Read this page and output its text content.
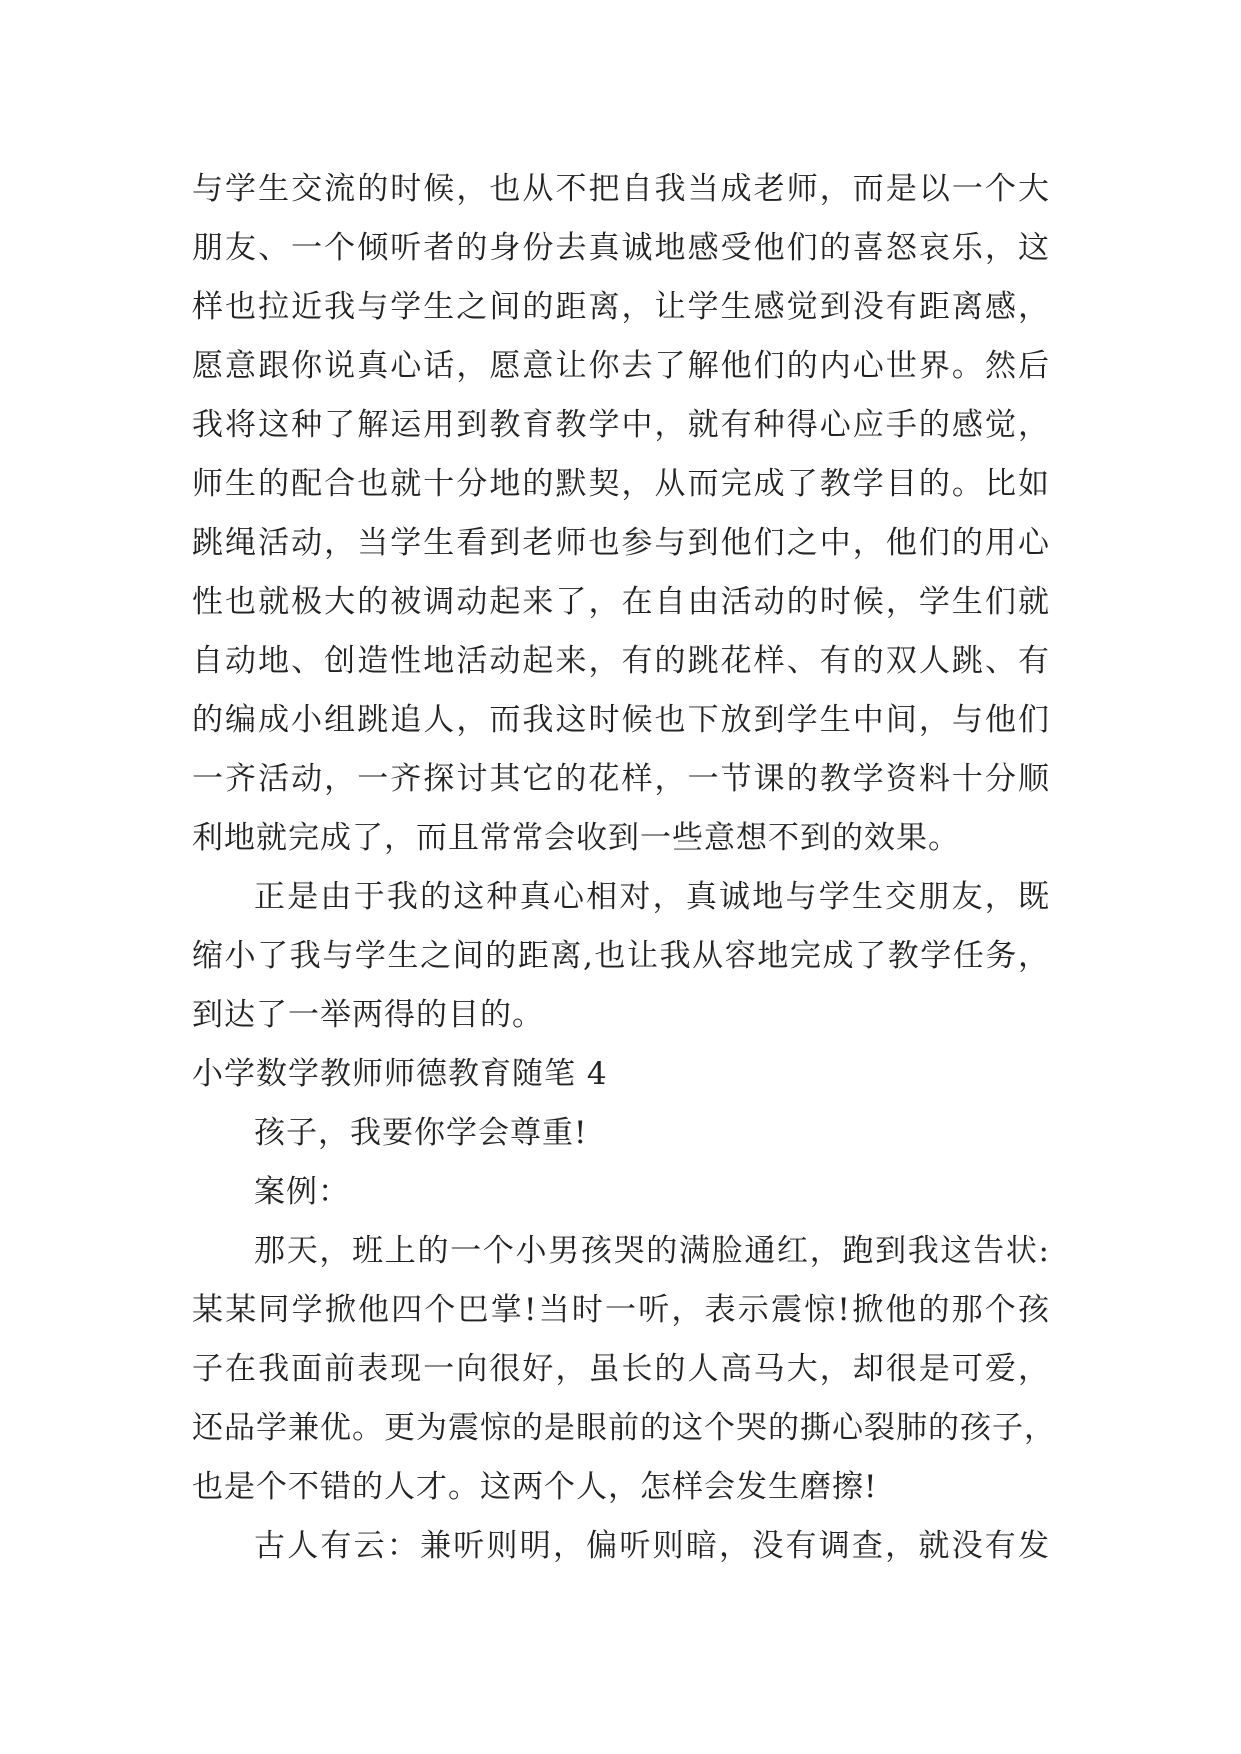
与学生交流的时候，也从不把自我当成老师，而是以一个大
朋友、一个倾听者的身份去真诚地感受他们的喜怒哀乐，这
样也拉近我与学生之间的距离，让学生感觉到没有距离感，
愿意跟你说真心话，愿意让你去了解他们的内心世界。然后
我将这种了解运用到教育教学中，就有种得心应手的感觉，
师生的配合也就十分地的默契，从而完成了教学目的。比如
跳绳活动，当学生看到老师也参与到他们之中，他们的用心
性也就极大的被调动起来了，在自由活动的时候，学生们就
自动地、创造性地活动起来，有的跳花样、有的双人跳、有
的编成小组跳追人，而我这时候也下放到学生中间，与他们
一齐活动，一齐探讨其它的花样，一节课的教学资料十分顺
利地就完成了，而且常常会收到一些意想不到的效果。
正是由于我的这种真心相对，真诚地与学生交朋友，既
缩小了我与学生之间的距离,也让我从容地完成了教学任务，
到达了一举两得的目的。
小学数学教师师德教育随笔 4
孩子，我要你学会尊重!
案例：
那天，班上的一个小男孩哭的满脸通红，跑到我这告状:
某某同学掀他四个巴掌!当时一听，表示震惊!掀他的那个孩
子在我面前表现一向很好，虽长的人高马大，却很是可爱，
还品学兼优。更为震惊的是眼前的这个哭的撕心裂肺的孩子，
也是个不错的人才。这两个人，怎样会发生磨擦!
古人有云：兼听则明，偏听则暗，没有调查，就没有发
